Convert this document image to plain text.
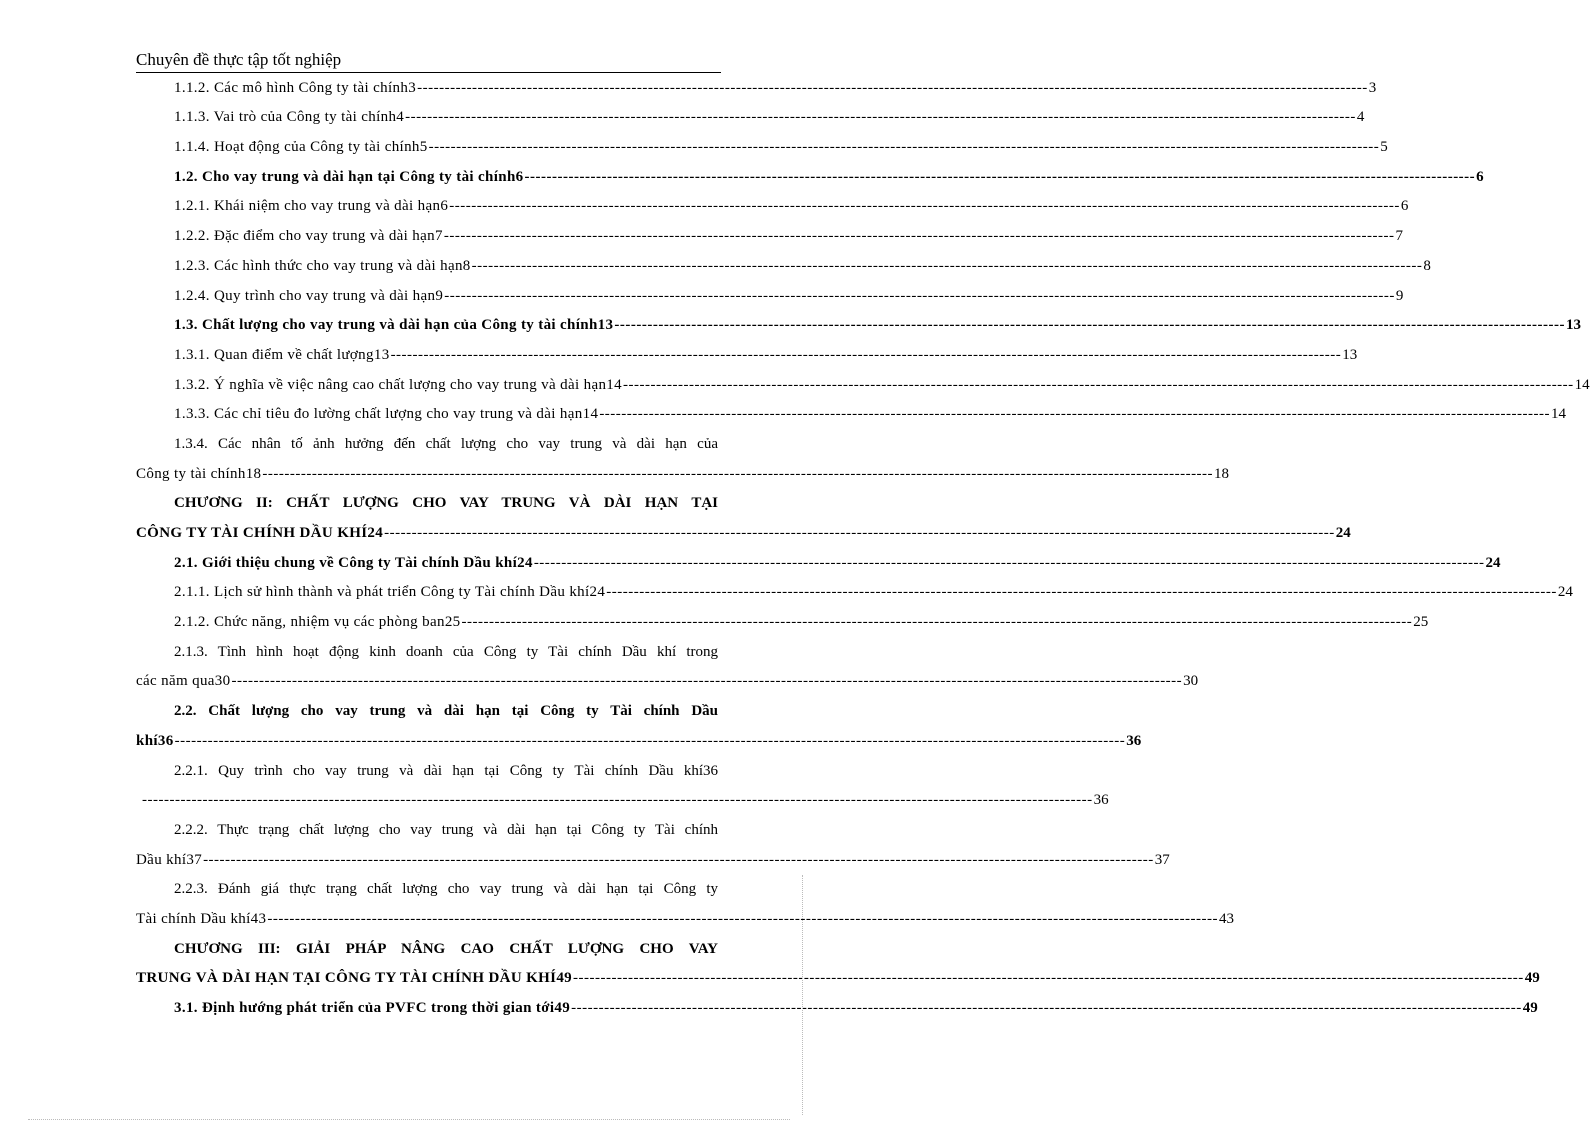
Chuyên đề thực tập tốt nghiệp
1.1.2. Các mô hình Công ty tài chính3 ----------------------------------------------------------------------------------------------------------------------------------------------------------------------------- 3
1.1.3. Vai trò của Công ty tài chính4 ----------------------------------------------------------------------------------------------------------------------------------------------------------------------------- 4
1.1.4. Hoạt động của Công ty tài chính5 ----------------------------------------------------------------------------------------------------------------------------------------------------------------------------- 5
1.2. Cho vay trung và dài hạn tại Công ty tài chính6 ----------------------------------------------------------------------------------------------------------------------------------------------------------------------------- 6
1.2.1. Khái niệm cho vay trung và dài hạn6 ----------------------------------------------------------------------------------------------------------------------------------------------------------------------------- 6
1.2.2. Đặc điểm cho vay trung và dài hạn7 ----------------------------------------------------------------------------------------------------------------------------------------------------------------------------- 7
1.2.3. Các hình thức cho vay trung và dài hạn8 ----------------------------------------------------------------------------------------------------------------------------------------------------------------------------- 8
1.2.4. Quy trình cho vay trung và dài hạn9 ----------------------------------------------------------------------------------------------------------------------------------------------------------------------------- 9
1.3. Chất lượng cho vay trung và dài hạn của Công ty tài chính13 ----------------------------------------------------------------------------------------------------------------------------------------------------------------------------- 13
1.3.1. Quan điểm về chất lượng13 ----------------------------------------------------------------------------------------------------------------------------------------------------------------------------- 13
1.3.2. Ý nghĩa về việc nâng cao chất lượng cho vay trung và dài hạn14 ----------------------------------------------------------------------------------------------------------------------------------------------------------------------------- 14
1.3.3. Các chỉ tiêu đo lường chất lượng cho vay trung và dài hạn14 ----------------------------------------------------------------------------------------------------------------------------------------------------------------------------- 14
1.3.4. Các nhân tố ảnh hưởng đến chất lượng cho vay trung và dài hạn của
Công ty tài chính18 ----------------------------------------------------------------------------------------------------------------------------------------------------------------------------- 18
CHƯƠNG II: CHẤT LƯỢNG CHO VAY TRUNG VÀ DÀI HẠN TẠI
CÔNG TY TÀI CHÍNH DẦU KHÍ24 ----------------------------------------------------------------------------------------------------------------------------------------------------------------------------- 24
2.1. Giới thiệu chung về Công ty Tài chính Dầu khí24 ----------------------------------------------------------------------------------------------------------------------------------------------------------------------------- 24
2.1.1. Lịch sử hình thành và phát triển Công ty Tài chính Dầu khí24 ----------------------------------------------------------------------------------------------------------------------------------------------------------------------------- 24
2.1.2. Chức năng, nhiệm vụ các phòng ban25 ----------------------------------------------------------------------------------------------------------------------------------------------------------------------------- 25
2.1.3. Tình hình hoạt động kinh doanh của Công ty Tài chính Dầu khí trong
các năm qua30 ----------------------------------------------------------------------------------------------------------------------------------------------------------------------------- 30
2.2. Chất lượng cho vay trung và dài hạn tại Công ty Tài chính Dầu
khí36 ----------------------------------------------------------------------------------------------------------------------------------------------------------------------------- 36
2.2.1. Quy trình cho vay trung và dài hạn tại Công ty Tài chính Dầu khí36
----------------------------------------------------------------------------------------------------------------------------------------------------------------------------- 36
2.2.2. Thực trạng chất lượng cho vay trung và dài hạn tại Công ty Tài chính
Dầu khí37 ----------------------------------------------------------------------------------------------------------------------------------------------------------------------------- 37
2.2.3. Đánh giá thực trạng chất lượng cho vay trung và dài hạn tại Công ty
Tài chính Dầu khí43 ----------------------------------------------------------------------------------------------------------------------------------------------------------------------------- 43
CHƯƠNG III: GIẢI PHÁP NÂNG CAO CHẤT LƯỢNG CHO VAY
TRUNG VÀ DÀI HẠN TẠI CÔNG TY TÀI CHÍNH DẦU KHÍ49 ----------------------------------------------------------------------------------------------------------------------------------------------------------------------------- 49
3.1. Định hướng phát triển của PVFC trong thời gian tới49 ----------------------------------------------------------------------------------------------------------------------------------------------------------------------------- 49
